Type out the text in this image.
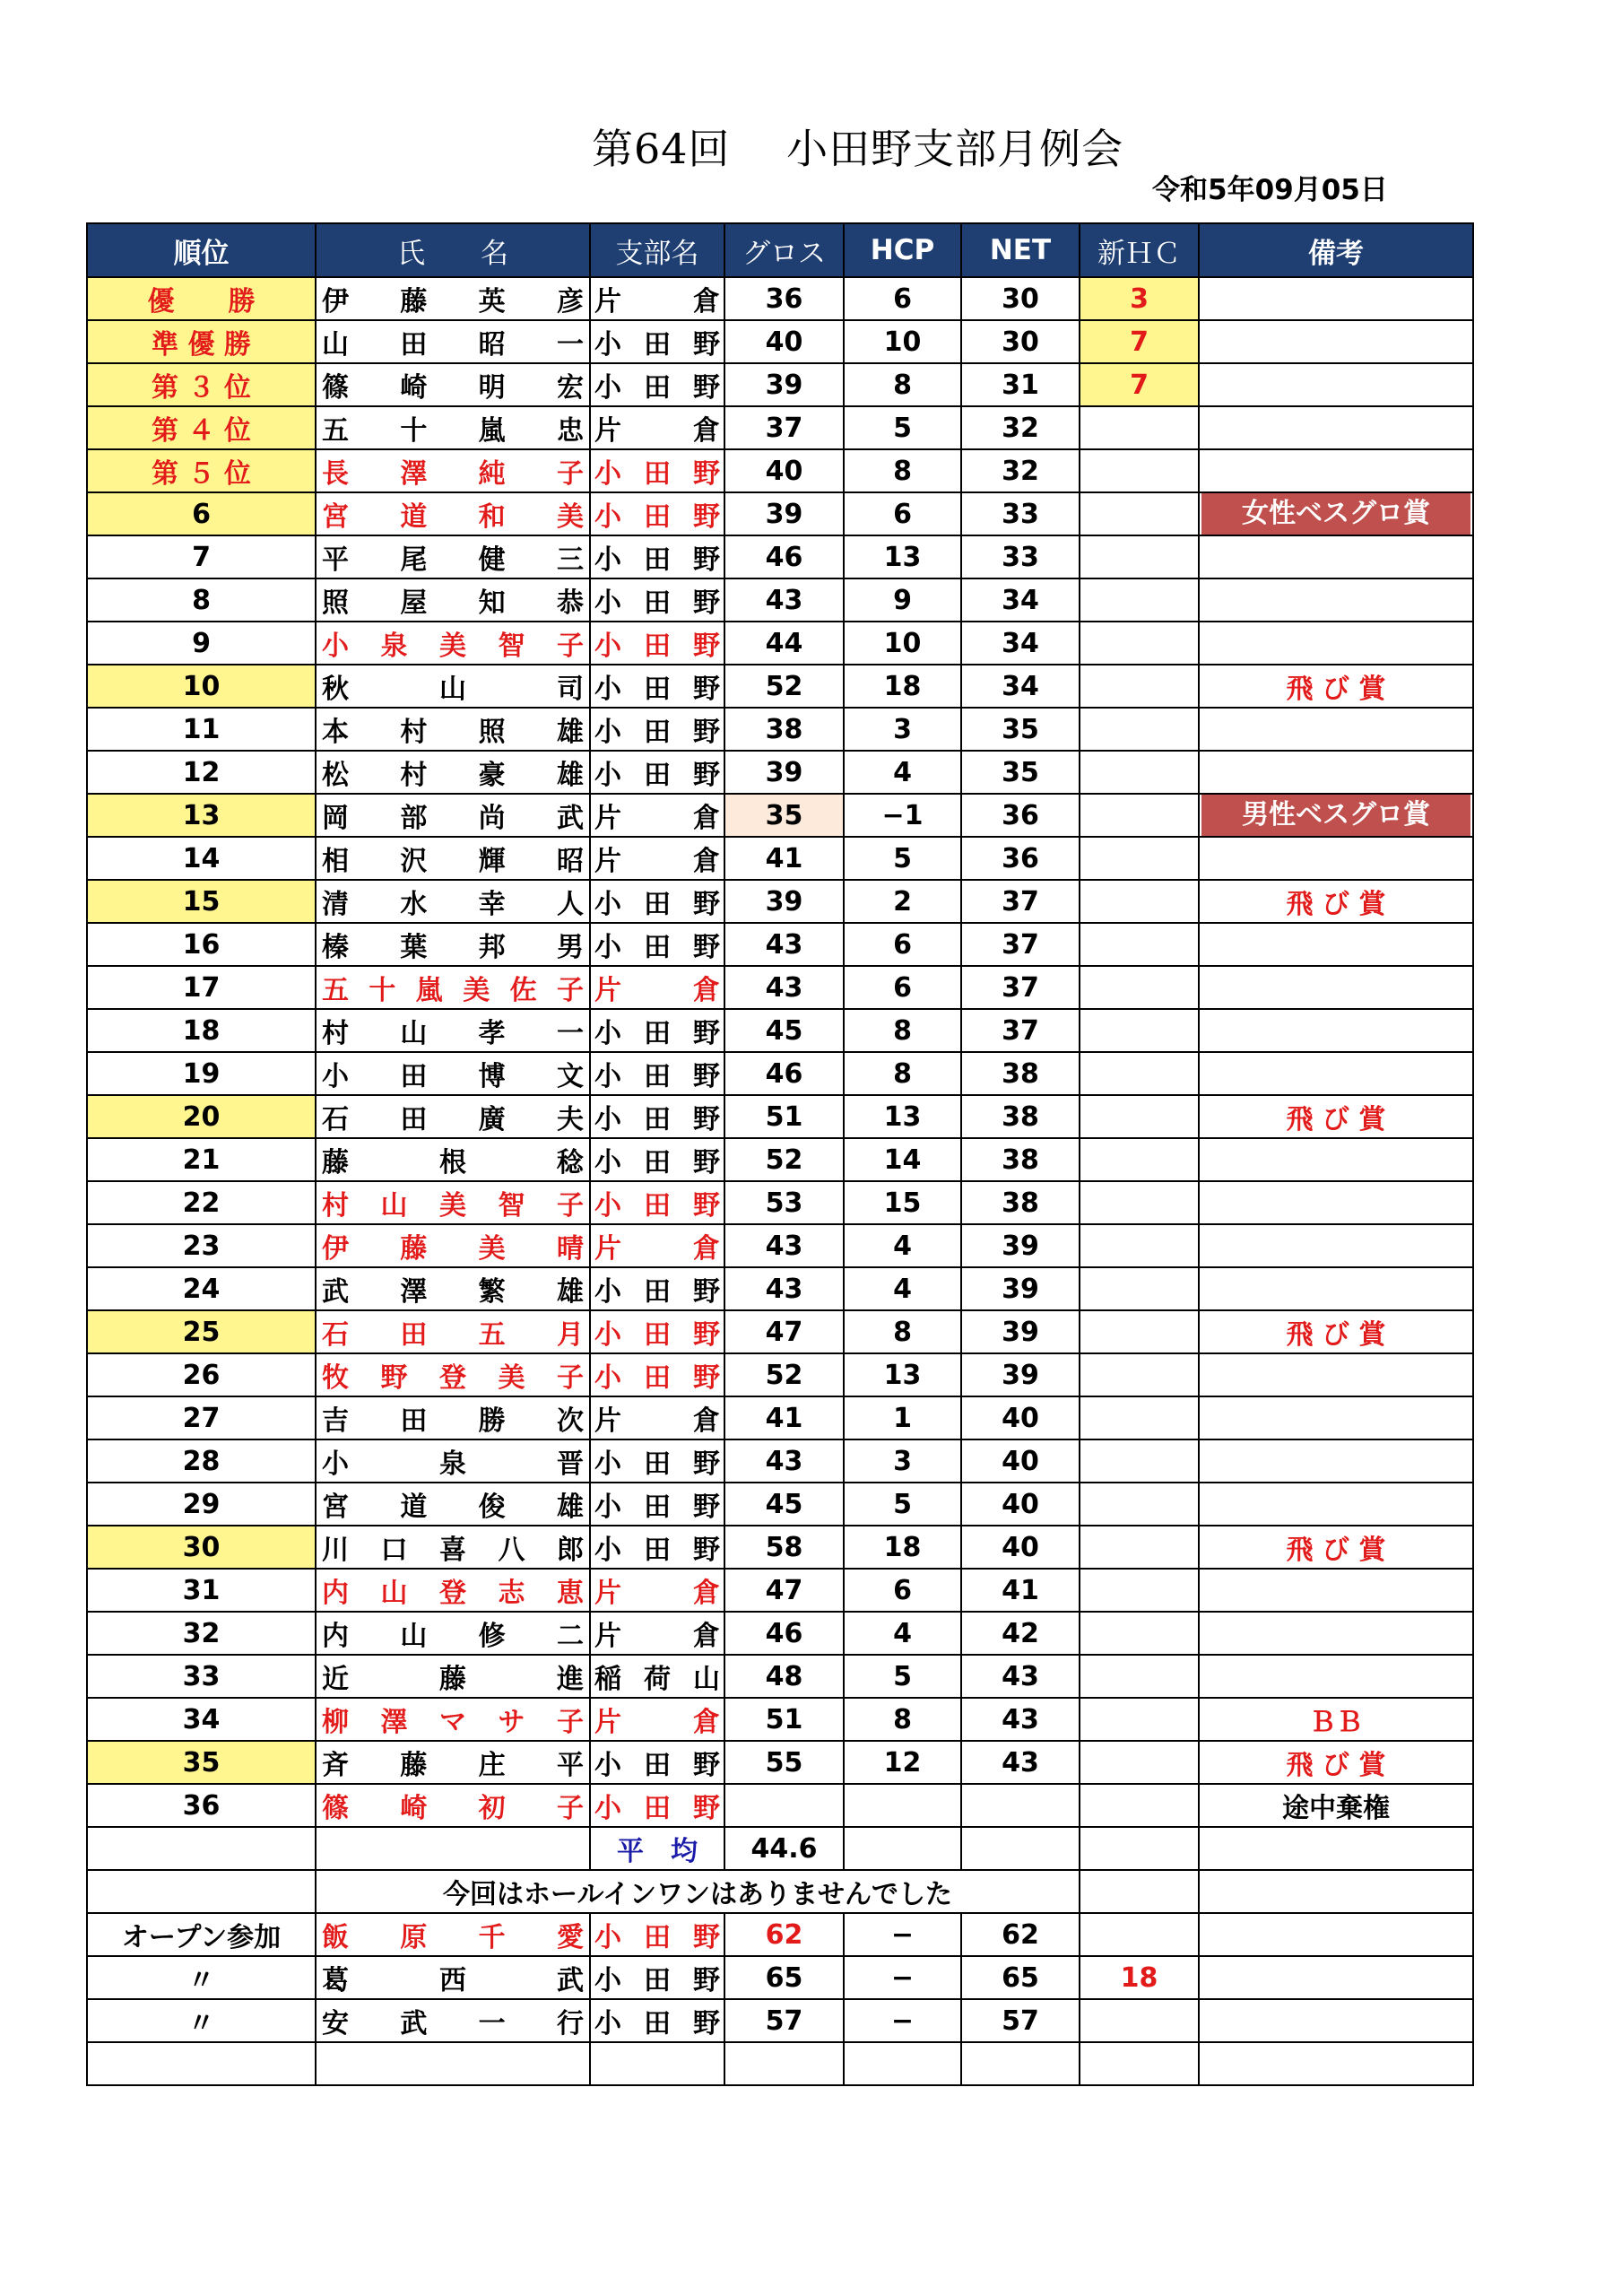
第64回　 小田野支部月例会
令和5年09月05日
順位	氏　　名	支部名	グロス	HCP	NET	新ＨＣ	備考
優　　勝	伊藤英彦	片倉	36	6	30	3	
準 優 勝	山田昭一	小田野	40	10	30	7	
第 ３ 位	篠崎明宏	小田野	39	8	31	7	
第 ４ 位	五十嵐忠	片倉	37	5	32		
第 ５ 位	長澤純子	小田野	40	8	32		
6	宮道和美	小田野	39	6	33		女性ベスグロ賞
7	平尾健三	小田野	46	13	33		
8	照屋知恭	小田野	43	9	34		
9	小泉美智子	小田野	44	10	34		
10	秋山司	小田野	52	18	34		飛 び 賞
11	本村照雄	小田野	38	3	35		
12	松村豪雄	小田野	39	4	35		
13	岡部尚武	片倉	35	−1	36		男性ベスグロ賞
14	相沢輝昭	片倉	41	5	36		
15	清水幸人	小田野	39	2	37		飛 び 賞
16	榛葉邦男	小田野	43	6	37		
17	五十嵐美佐子	片倉	43	6	37		
18	村山孝一	小田野	45	8	37		
19	小田博文	小田野	46	8	38		
20	石田廣夫	小田野	51	13	38		飛 び 賞
21	藤根稔	小田野	52	14	38		
22	村山美智子	小田野	53	15	38		
23	伊藤美晴	片倉	43	4	39		
24	武澤繁雄	小田野	43	4	39		
25	石田五月	小田野	47	8	39		飛 び 賞
26	牧野登美子	小田野	52	13	39		
27	吉田勝次	片倉	41	1	40		
28	小泉晋	小田野	43	3	40		
29	宮道俊雄	小田野	45	5	40		
30	川口喜八郎	小田野	58	18	40		飛 び 賞
31	内山登志恵	片倉	47	6	41		
32	内山修二	片倉	46	4	42		
33	近藤進	稲荷山	48	5	43		
34	柳澤マサ子	片倉	51	8	43		ＢＢ
35	斉藤庄平	小田野	55	12	43		飛 び 賞
36	篠崎初子	小田野					途中棄権
		平　均	44.6				
	今回はホールインワンはありませんでした						
オープン参加	飯原千愛	小田野	62	−	62		
〃	葛西武	小田野	65	−	65	18	
〃	安武一行	小田野	57	−	57		
